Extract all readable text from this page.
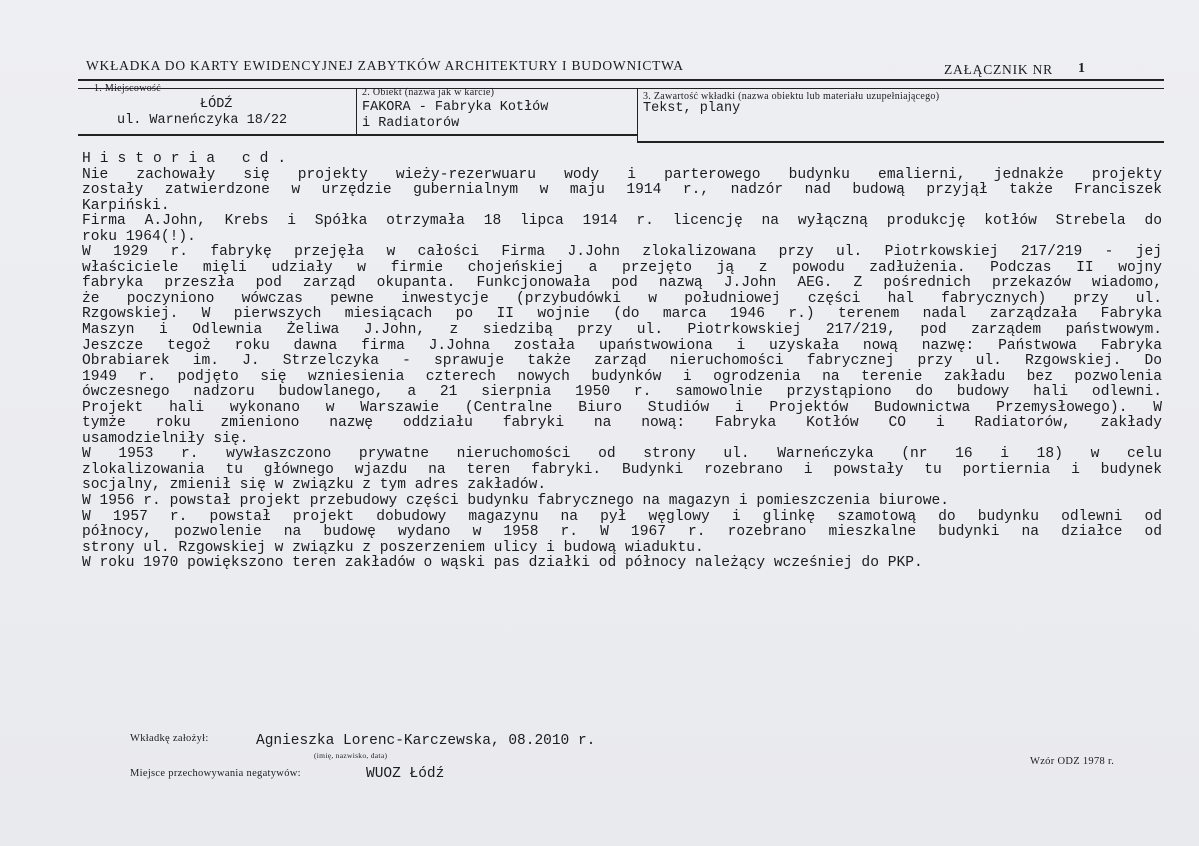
WKŁADKA DO KARTY EWIDENCYJNEJ ZABYTKÓW ARCHITEKTURY I BUDOWNICTWA	ZAŁĄCZNIK NR 1
1. Miejscowość
ŁÓDŹ
ul. Warneńczyka 18/22
2. Obiekt (nazwa jak w karcie)
FAKORA - Fabryka Kotłów
i Radiatorów
3. Zawartość wkładki (nazwa obiektu lub materiału uzupełniającego)
Tekst, plany
Historia cd.
Nie zachowały się projekty wieży-rezerwuaru wody i parterowego budynku emalierni, jednakże projekty
zostały zatwierdzone w urzędzie gubernialnym w maju 1914 r., nadzór nad budową przyjął także Franciszek
Karpiński.
Firma A.John, Krebs i Spółka otrzymała 18 lipca 1914 r. licencję na wyłączną produkcję kotłów Strebela do
roku 1964(!).
W 1929 r. fabrykę przejęła w całości Firma J.John zlokalizowana przy ul. Piotrkowskiej 217/219 - jej
właściciele mięli udziały w firmie chojeńskiej a przejęto ją z powodu zadłużenia. Podczas II wojny
fabryka przeszła pod zarząd okupanta. Funkcjonowała pod nazwą J.John AEG. Z pośrednich przekazów wiadomo,
że poczyniono wówczas pewne inwestycje (przybudówki w południowej części hal fabrycznych) przy ul.
Rzgowskiej. W pierwszych miesiącach po II wojnie (do marca 1946 r.) terenem nadal zarządzała Fabryka
Maszyn i Odlewnia Żeliwa J.John, z siedzibą przy ul. Piotrkowskiej 217/219, pod zarządem państwowym.
Jeszcze tegoż roku dawna firma J.Johna została upaństwowiona i uzyskała nową nazwę: Państwowa Fabryka
Obrabiarek im. J. Strzelczyka - sprawuje także zarząd nieruchomości fabrycznej przy ul. Rzgowskiej. Do
1949 r. podjęto się wzniesienia czterech nowych budynków i ogrodzenia na terenie zakładu bez pozwolenia
ówczesnego nadzoru budowlanego, a 21 sierpnia 1950 r. samowolnie przystąpiono do budowy hali odlewni.
Projekt hali wykonano w Warszawie (Centralne Biuro Studiów i Projektów Budownictwa Przemysłowego). W
tymże roku zmieniono nazwę oddziału fabryki na nową: Fabryka Kotłów CO i Radiatorów, zakłady
usamodzielniły się.
W 1953 r. wywłaszczono prywatne nieruchomości od strony ul. Warneńczyka (nr 16 i 18) w celu
zlokalizowania tu głównego wjazdu na teren fabryki. Budynki rozebrano i powstały tu portiernia i budynek
socjalny, zmienił się w związku z tym adres zakładów.
W 1956 r. powstał projekt przebudowy części budynku fabrycznego na magazyn i pomieszczenia biurowe.
W 1957 r. powstał projekt dobudowy magazynu na pył węglowy i glinkę szamotową do budynku odlewni od
północy, pozwolenie na budowę wydano w 1958 r. W 1967 r. rozebrano mieszkalne budynki na działce od
strony ul. Rzgowskiej w związku z poszerzeniem ulicy i budową wiaduktu.
W roku 1970 powiększono teren zakładów o wąski pas działki od północy należący wcześniej do PKP.
Wkładkę założył:	Agnieszka Lorenc-Karczewska, 08.2010 r.
(imię, nazwisko, data)
Miejsce przechowywania negatywów:	WUOZ Łódź
Wzór ODZ 1978 r.
